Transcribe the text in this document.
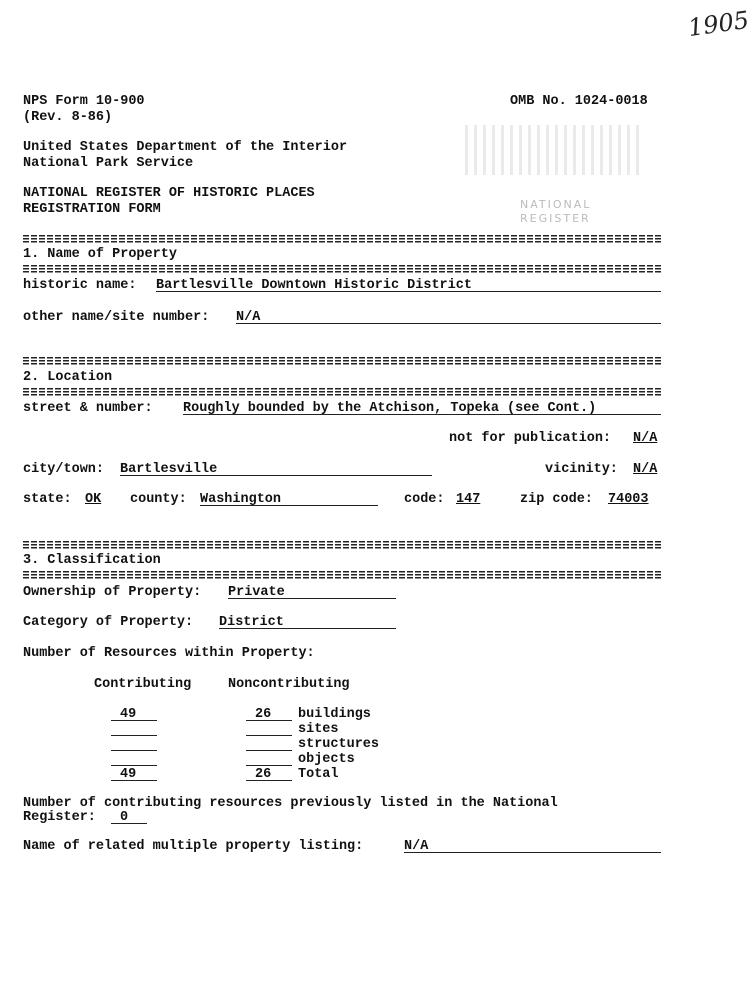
1905
NATIONAL
REGISTER
NPS Form 10-900
(Rev. 8-86)
OMB No. 1024-0018
United States Department of the Interior
National Park Service
NATIONAL REGISTER OF HISTORIC PLACES
REGISTRATION FORM
1. Name of Property
historic name: Bartlesville Downtown Historic District
other name/site number: N/A
2. Location
street & number: Roughly bounded by the Atchison, Topeka (see Cont.)
not for publication: N/A
city/town: Bartlesville	vicinity: N/A
state: OK county: Washington	code: 147	zip code: 74003
3. Classification
Ownership of Property: Private
Category of Property: District
Number of Resources within Property:
Contributing	Noncontributing
49	26 buildings
sites
structures
objects
49	26 Total
Number of contributing resources previously listed in the National
Register: 0
Name of related multiple property listing:	N/A
